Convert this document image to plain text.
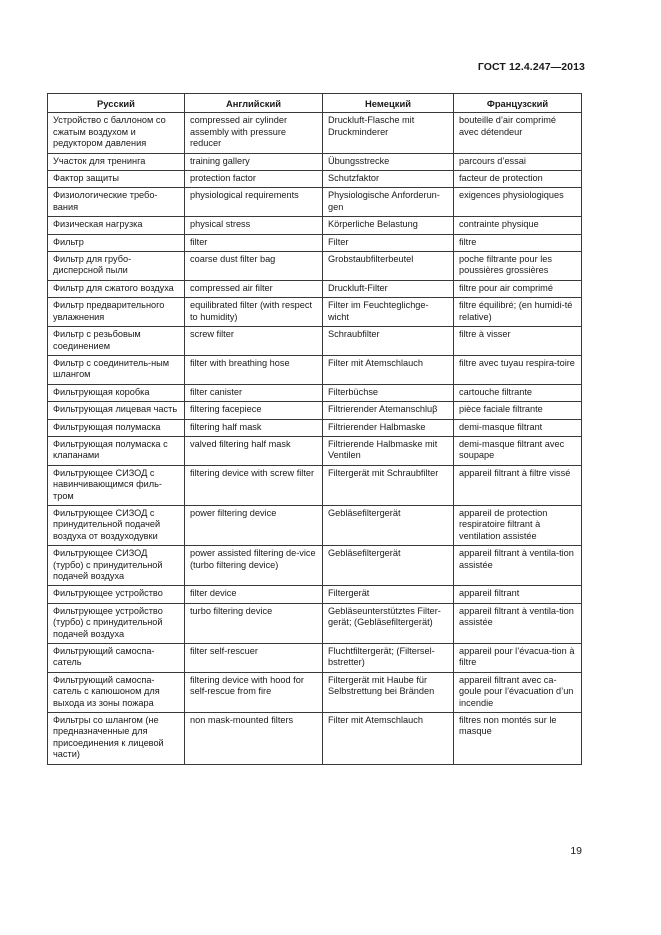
ГОСТ 12.4.247—2013
Русский	Английский	Немецкий	Французский
Устройство с баллоном со сжатым воздухом и редуктором давления	compressed air cylinder assembly with pressure reducer	Druckluft-Flasche mit Druckminderer	bouteille d’air comprimé avec détendeur
Участок для тренинга	training gallery	Übungsstrecke	parcours d’essai
Фактор защиты	protection factor	Schutzfaktor	facteur de protection
Физиологические требо-вания	physiological requirements	Physiologische Anforderun-gen	exigences physiologiques
Физическая нагрузка	physical stress	Körperliche Belastung	contrainte physique
Фильтр	filter	Filter	filtre
Фильтр для грубо-дисперсной пыли	coarse dust filter bag	Grobstaubfilterbeutel	poche filtrante pour les poussières grossières
Фильтр для сжатого воздуха	compressed air filter	Druckluft-Filter	filtre pour air comprimé
Фильтр предварительного увлажнения	equilibrated filter (with respect to humidity)	Filter im Feuchteglichge-wicht	filtre équilibré; (en humidi-té relative)
Фильтр с резьбовым соединением	screw filter	Schraubfilter	filtre à visser
Фильтр с соединитель-ным шлангом	filter with breathing hose	Filter mit Atemschlauch	filtre avec tuyau respira-toire
Фильтрующая коробка	filter canister	Filterbüchse	cartouche filtrante
Фильтрующая лицевая часть	filtering facepiece	Filtrierender Atemanschluβ	pièce faciale filtrante
Фильтрующая полумаска	filtering half mask	Filtrierender Halbmaske	demi-masque filtrant
Фильтрующая полумаска с клапанами	valved filtering half mask	Filtrierende Halbmaske mit Ventilen	demi-masque filtrant avec soupape
Фильтрующее СИЗОД с навинчивающимся филь-тром	filtering device with screw filter	Filtergerät mit Schraubfilter	appareil filtrant à filtre vissé
Фильтрующее СИЗОД с принудительной подачей воздуха от воздуходувки	power filtering device	Gebläsefiltergerät	appareil de protection respiratoire filtrant à ventilation assistée
Фильтрующее СИЗОД (турбо) с принудительной подачей воздуха	power assisted filtering de-vice (turbo filtering device)	Gebläsefiltergerät	appareil filtrant à ventila-tion assistée
Фильтрующее устройство	filter device	Filtergerät	appareil filtrant
Фильтрующее устройство (турбо) с принудительной подачей воздуха	turbo filtering device	Gebläseunterstütztes Filter-gerät; (Gebläsefiltergerät)	appareil filtrant à ventila-tion assistée
Фильтрующий самоспа-сатель	filter self-rescuer	Fluchtfiltergerät; (Filtersel-bstretter)	appareil pour l’évacua-tion à filtre
Фильтрующий самоспа-сатель с капюшоном для выхода из зоны пожара	filtering device with hood for self-rescue from fire	Filtergerät mit Haube für Selbstrettung bei Bränden	appareil filtrant avec ca-goule pour l’évacuation d’un incendie
Фильтры со шлангом (не предназначенные для присоединения к лицевой части)	non mask-mounted filters	Filter mit Atemschlauch	filtres non montés sur le masque
19
